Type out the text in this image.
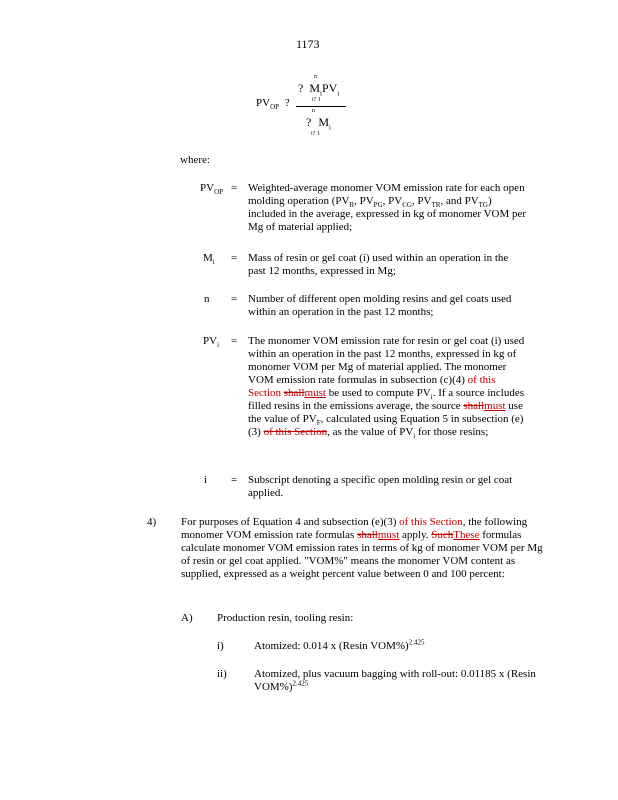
1173
$PV_{OP}$ ?
n
? $M_iPV_i$
i? 1
n
? $M_i$
i? 1
where:
$PV_{OP}$ = Weighted-average monomer VOM emission rate for each open molding operation ($PV_R$, $PV_{PG}$, $PV_{CG}$, $PV_{TR}$, and $PV_{TG}$) included in the average, expressed in kg of monomer VOM per Mg of material applied;
$M_i$ = Mass of resin or gel coat (i) used within an operation in the past 12 months, expressed in Mg;
n = Number of different open molding resins and gel coats used within an operation in the past 12 months;
$PV_i$ = The monomer VOM emission rate for resin or gel coat (i) used within an operation in the past 12 months, expressed in kg of monomer VOM per Mg of material applied. The monomer VOM emission rate formulas in subsection (c)(4) of this Section shallmust be used to compute $PV_i$. If a source includes filled resins in the emissions average, the source shallmust use the value of $PV_F$, calculated using Equation 5 in subsection (e)(3) of this Section, as the value of $PV_i$ for those resins;
i = Subscript denoting a specific open molding resin or gel coat applied.
4) For purposes of Equation 4 and subsection (e)(3) of this Section, the following monomer VOM emission rate formulas shallmust apply. SuchThese formulas calculate monomer VOM emission rates in terms of kg of monomer VOM per Mg of resin or gel coat applied. "VOM%" means the monomer VOM content as supplied, expressed as a weight percent value between 0 and 100 percent:
A) Production resin, tooling resin:
i)	Atomized: 0.014 x (Resin VOM%)$^{2.425}$
ii) Atomized, plus vacuum bagging with roll-out: 0.01185 x (Resin VOM%)$^{2.425}$
